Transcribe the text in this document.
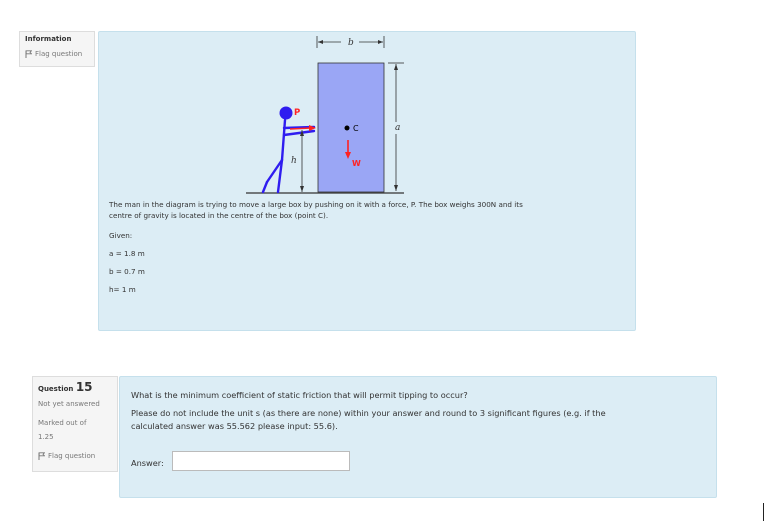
Information
Flag question
b
a
C
W
P
h
The man in the diagram is trying to move a large box by pushing on it with a force, P. The box weighs 300N and its
centre of gravity is located in the centre of the box (point C).
Given:
a = 1.8 m
b = 0.7 m
h= 1 m
Question 15
Not yet answered
Marked out of
1.25
Flag question
What is the minimum coefficient of static friction that will permit tipping to occur?
Please do not include the unit s (as there are none) within your answer and round to 3 significant figures (e.g. if the
calculated answer was 55.562 please input: 55.6).
Answer:
